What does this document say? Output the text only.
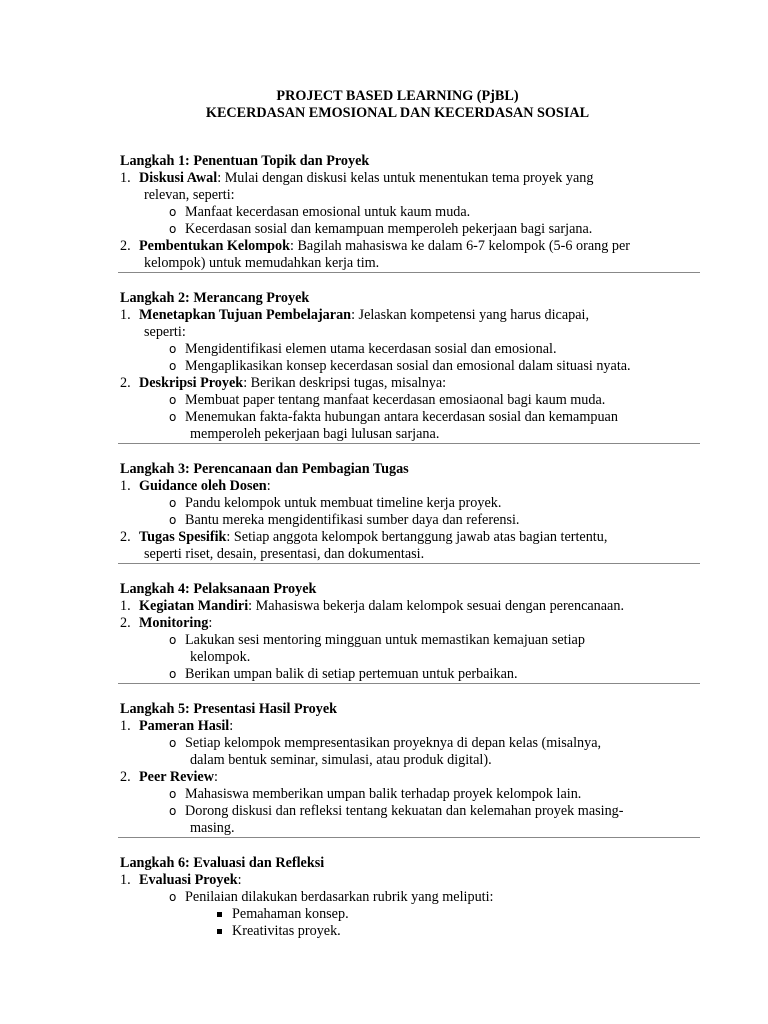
PROJECT BASED LEARNING (PjBL)
KECERDASAN EMOSIONAL DAN KECERDASAN SOSIAL
Langkah 1: Penentuan Topik dan Proyek
1. Diskusi Awal: Mulai dengan diskusi kelas untuk menentukan tema proyek yang
relevan, seperti:
o Manfaat kecerdasan emosional untuk kaum muda.
o Kecerdasan sosial dan kemampuan memperoleh pekerjaan bagi sarjana.
2. Pembentukan Kelompok: Bagilah mahasiswa ke dalam 6-7 kelompok (5-6 orang per
kelompok) untuk memudahkan kerja tim.
Langkah 2: Merancang Proyek
1. Menetapkan Tujuan Pembelajaran: Jelaskan kompetensi yang harus dicapai,
seperti:
o Mengidentifikasi elemen utama kecerdasan sosial dan emosional.
o Mengaplikasikan konsep kecerdasan sosial dan emosional dalam situasi nyata.
2. Deskripsi Proyek: Berikan deskripsi tugas, misalnya:
o Membuat paper tentang manfaat kecerdasan emosiaonal bagi kaum muda.
o Menemukan fakta-fakta hubungan antara kecerdasan sosial dan kemampuan
memperoleh pekerjaan bagi lulusan sarjana.
Langkah 3: Perencanaan dan Pembagian Tugas
1. Guidance oleh Dosen:
o Pandu kelompok untuk membuat timeline kerja proyek.
o Bantu mereka mengidentifikasi sumber daya dan referensi.
2. Tugas Spesifik: Setiap anggota kelompok bertanggung jawab atas bagian tertentu,
seperti riset, desain, presentasi, dan dokumentasi.
Langkah 4: Pelaksanaan Proyek
1. Kegiatan Mandiri: Mahasiswa bekerja dalam kelompok sesuai dengan perencanaan.
2. Monitoring:
o Lakukan sesi mentoring mingguan untuk memastikan kemajuan setiap
kelompok.
o Berikan umpan balik di setiap pertemuan untuk perbaikan.
Langkah 5: Presentasi Hasil Proyek
1. Pameran Hasil:
o Setiap kelompok mempresentasikan proyeknya di depan kelas (misalnya,
dalam bentuk seminar, simulasi, atau produk digital).
2. Peer Review:
o Mahasiswa memberikan umpan balik terhadap proyek kelompok lain.
o Dorong diskusi dan refleksi tentang kekuatan dan kelemahan proyek masing-
masing.
Langkah 6: Evaluasi dan Refleksi
1. Evaluasi Proyek:
o Penilaian dilakukan berdasarkan rubrik yang meliputi:
Pemahaman konsep.
Kreativitas proyek.
